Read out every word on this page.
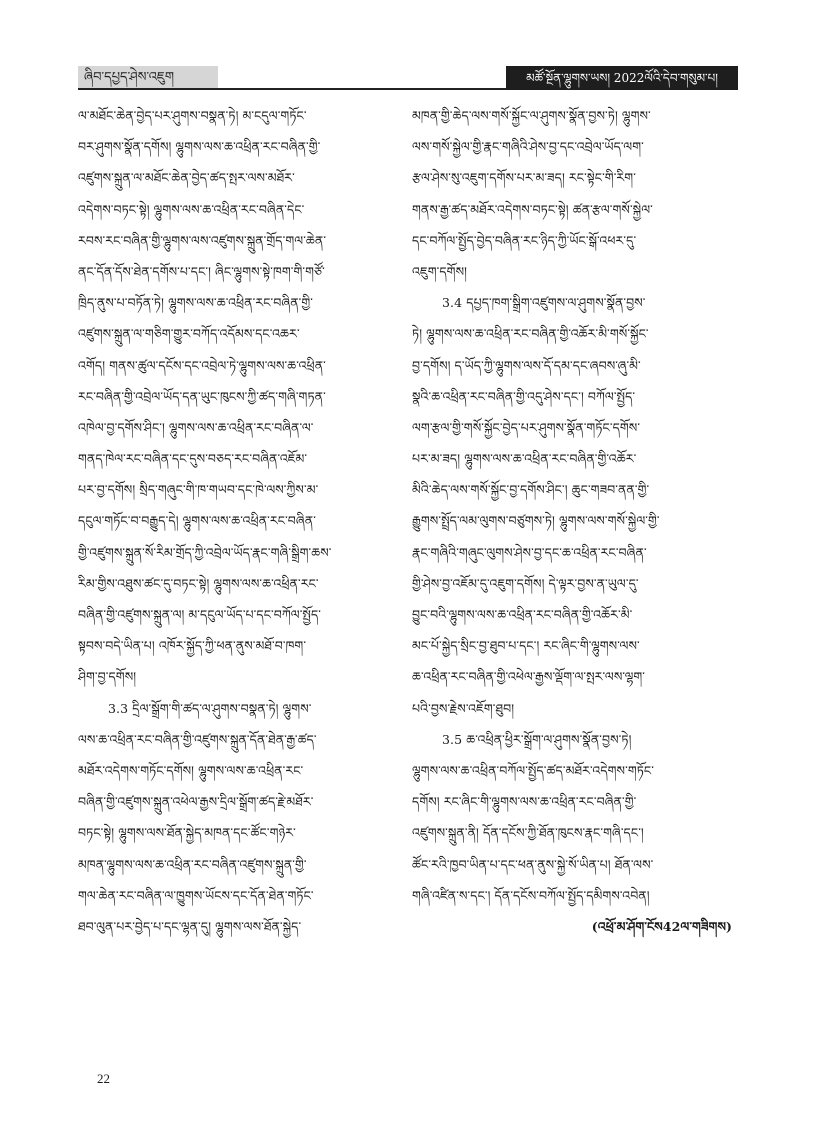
ཞིབ་དཔྱད་ཤེས་འཇུག	མཚོ་སྔོན་ལྷུགས་ཡས། 2022ལོའི་དེབ་གསུམ་པ།
ལ་མཐོང་ཆེན་བྱེད་པར་ཤུགས་བསྣན་ཏེ། མ་ངདུལ་གཏོང་
བར་ཤུགས་སྣོན་དགོས། ལྷུགས་ལས་ཆ་འཕྲིན་རང་བཞིན་གྱི་
འཛུགས་སྐྲུན་ལ་མཐོང་ཆེན་བྱེད་ཚད་སྤར་ལས་མཐོར་
འདེགས་བཏང་སྟེ། ལྷུགས་ལས་ཆ་འཕྲིན་རང་བཞིན་དེང་
རབས་རང་བཞིན་གྱི་ལྷུགས་ལས་འཛུགས་སྐྲུན་གྲོད་གལ་ཆེན་
ནང་དོན་དོས་ཐེན་དགོས་པ་དང་། ཞིང་ལྷུགས་སྟེ་ཁག་གི་གཙོ་
ཁྲིད་ནུས་པ་བཏོན་ཏེ། ལྷུགས་ལས་ཆ་འཕྲིན་རང་བཞིན་གྱི་
འཛུགས་སྐྲུན་ལ་གཅིག་གྱུར་བཀོད་འདོམས་དང་འཆར་
འགོད། གནས་ཚུལ་དངོས་དང་འབྲེལ་ཏེ་ལྷུགས་ལས་ཆ་འཕྲིན་
རང་བཞིན་གྱི་འབྲེལ་ཡོད་དན་ཡུང་ཁུངས་ཀྱི་ཚད་གཞི་གཏན་
འཁེལ་བྱ་དགོས་ཤིང་། ལྷུགས་ལས་ཆ་འཕྲིན་རང་བཞིན་ལ་
གནད་ཁེལ་རང་བཞིན་དང་དུས་བཅད་རང་བཞིན་འཇོམ་
པར་བྱ་དགོས། སྲིད་གཞུང་གི་ཁ་གཡབ་དང་ཁེ་ལས་ཀྱིས་མ་
དངུལ་གཏོང་བ་བརྒྱུད་དེ། ལྷུགས་ལས་ཆ་འཕྲིན་རང་བཞིན་
གྱི་འཛུགས་སྐྲུན་སོ་རིམ་གྲོད་ཀྱི་འབྲེལ་ཡོད་རྣང་གཞི་སྒྲིག་ཆས་
རིམ་གྱིས་འཐུས་ཚང་དུ་བཏང་སྟེ། ལྷུགས་ལས་ཆ་འཕྲིན་རང་
བཞིན་གྱི་འཛུགས་སྐྲུན་ལ། མ་དངུལ་ཡོད་པ་དང་བཀོལ་སྤྱོད་
སྟབས་བདེ་ཡིན་པ། འཁོར་སྐྱོད་ཀྱི་ཕན་ནུས་མཐོ་བ་ཁག་
ཤིག་བྱ་དགོས།
3.3 དྲིལ་སྒྲོག་གི་ཚད་ལ་ཤུགས་བསྣན་ཏེ། ལྷུགས་
ལས་ཆ་འཕྲིན་རང་བཞིན་གྱི་འཛུགས་སྐྲུན་དོན་ཐེན་རྒྱ་ཚད་
མཐོར་འདེགས་གཏོང་དགོས། ལྷུགས་ལས་ཆ་འཕྲིན་རང་
བཞིན་གྱི་འཛུགས་སྐྲུན་འཕེལ་རྒྱས་དྲིལ་སྒྲོག་ཚད་རྗེ་མཐོར་
བཏང་སྟེ། ལྷུགས་ལས་ཐོན་སྐྱེད་མཁན་དང་ཚོང་གཉེར་
མཁན་ལྷུགས་ལས་ཆ་འཕྲིན་རང་བཞིན་འཛུགས་སྐྲུན་གྱི་
གལ་ཆེན་རང་བཞིན་ལ་ཁྱུགས་ཡོངས་དང་དོན་ཐེན་གཏོང་
ཐབ་ལུན་པར་བྱེད་པ་དང་ལྷན་དུ། ལྷུགས་ལས་ཐོན་སྐྱེད་
མཁན་གྱི་ཆེད་ལས་གསོ་སྐྱོང་ལ་ཤུགས་སྣོན་བྱས་ཏེ། ལྷུགས་
ལས་གསོ་སྐྱེལ་གྱི་རྣང་གཞིའི་ཤེས་བྱ་དང་འབྲེལ་ཡོད་ལག་
རྩལ་ཤེས་སུ་འཇུག་དགོས་པར་མ་ཟད། རང་སྟེང་གི་རིག་
གནས་རྒྱ་ཚད་མཐོར་འདེགས་བཏང་སྟེ། ཚན་རྩལ་གསོ་སྐྱེལ་
དང་བཀོལ་སྤྱོད་བྱེད་བཞིན་རང་ཉིད་ཀྱི་ཡོང་སྒོ་འཕར་དུ་
འཇུག་དགོས།
3.4 དཔྱད་ཁག་སྒྲིག་འཛུགས་ལ་ཤུགས་སྣོན་བྱས་
ཏེ། ལྷུགས་ལས་ཆ་འཕྲིན་རང་བཞིན་གྱི་འཆོར་མི་གསོ་སྐྱོང་
བྱ་དགོས། ད་ཡོད་ཀྱི་ལྷུགས་ལས་དོ་དམ་དང་ཞབས་ཞུ་མི་
སྣའི་ཆ་འཕྲིན་རང་བཞིན་གྱི་འདུ་ཤེས་དང་། བཀོལ་སྤྱོད་
ལག་རྩལ་གྱི་གསོ་སྐྱོང་བྱེད་པར་ཤུགས་སྣོན་གཏོང་དགོས་
པར་མ་ཟད། ལྷུགས་ལས་ཆ་འཕྲིན་རང་བཞིན་གྱི་འཆོར་
མིའི་ཆེད་ལས་གསོ་སྐྱོང་བྱ་དགོས་ཤིང་། ཆུང་གཟབ་ནན་གྱི་
རྒྱུགས་སྤྲོད་ལམ་ལུགས་བཙུགས་ཏེ། ལྷུགས་ལས་གསོ་སྐྱེལ་གྱི་
རྣང་གཞིའི་གཞུང་ལུགས་ཤེས་བྱ་དང་ཆ་འཕྲིན་རང་བཞིན་
གྱི་ཤེས་བྱ་འཇོམ་དུ་འཇུག་དགོས། དེ་ལྟར་བྱས་ན་ཡུལ་དུ་
བྱུང་བའི་ལྷུགས་ལས་ཆ་འཕྲིན་རང་བཞིན་གྱི་འཆོར་མི་
མང་པོ་སྐྱེད་སྲིང་བྱ་ཐུབ་པ་དང་། རང་ཞིང་གི་ལྷུགས་ལས་
ཆ་འཕྲིན་རང་བཞིན་གྱི་འཕེལ་རྒྱས་ལྡོག་ལ་སྤར་ལས་ལྷག་
པའི་བྱས་རྗེས་འཇོག་ཐུབ།
3.5 ཆ་འཕྲིན་ཕྱིར་སྒྲོག་ལ་ཤུགས་སྣོན་བྱས་ཏེ།
ལྷུགས་ལས་ཆ་འཕྲིན་བཀོལ་སྤྱོད་ཚད་མཐོར་འདེགས་གཏོང་
དགོས། རང་ཞིང་གི་ལྷུགས་ལས་ཆ་འཕྲིན་རང་བཞིན་གྱི་
འཛུགས་སྐྲུན་ནི། དོན་དངོས་ཀྱི་ཐོན་ཁུངས་རྣང་གཞི་དང་།
ཚོང་རའི་ཁྱབ་ཡིན་པ་དང་ཕན་ནུས་སྐྱེ་སོ་ཡིན་པ། ཐོན་ལས་
གཞི་འཛིན་ས་དང་། དོན་དངོས་བཀོལ་སྤྱོད་དམིགས་འབེན།
(འཕྲོ་མ་ཤོག་ངོས42ལ་གཟིགས)
22
